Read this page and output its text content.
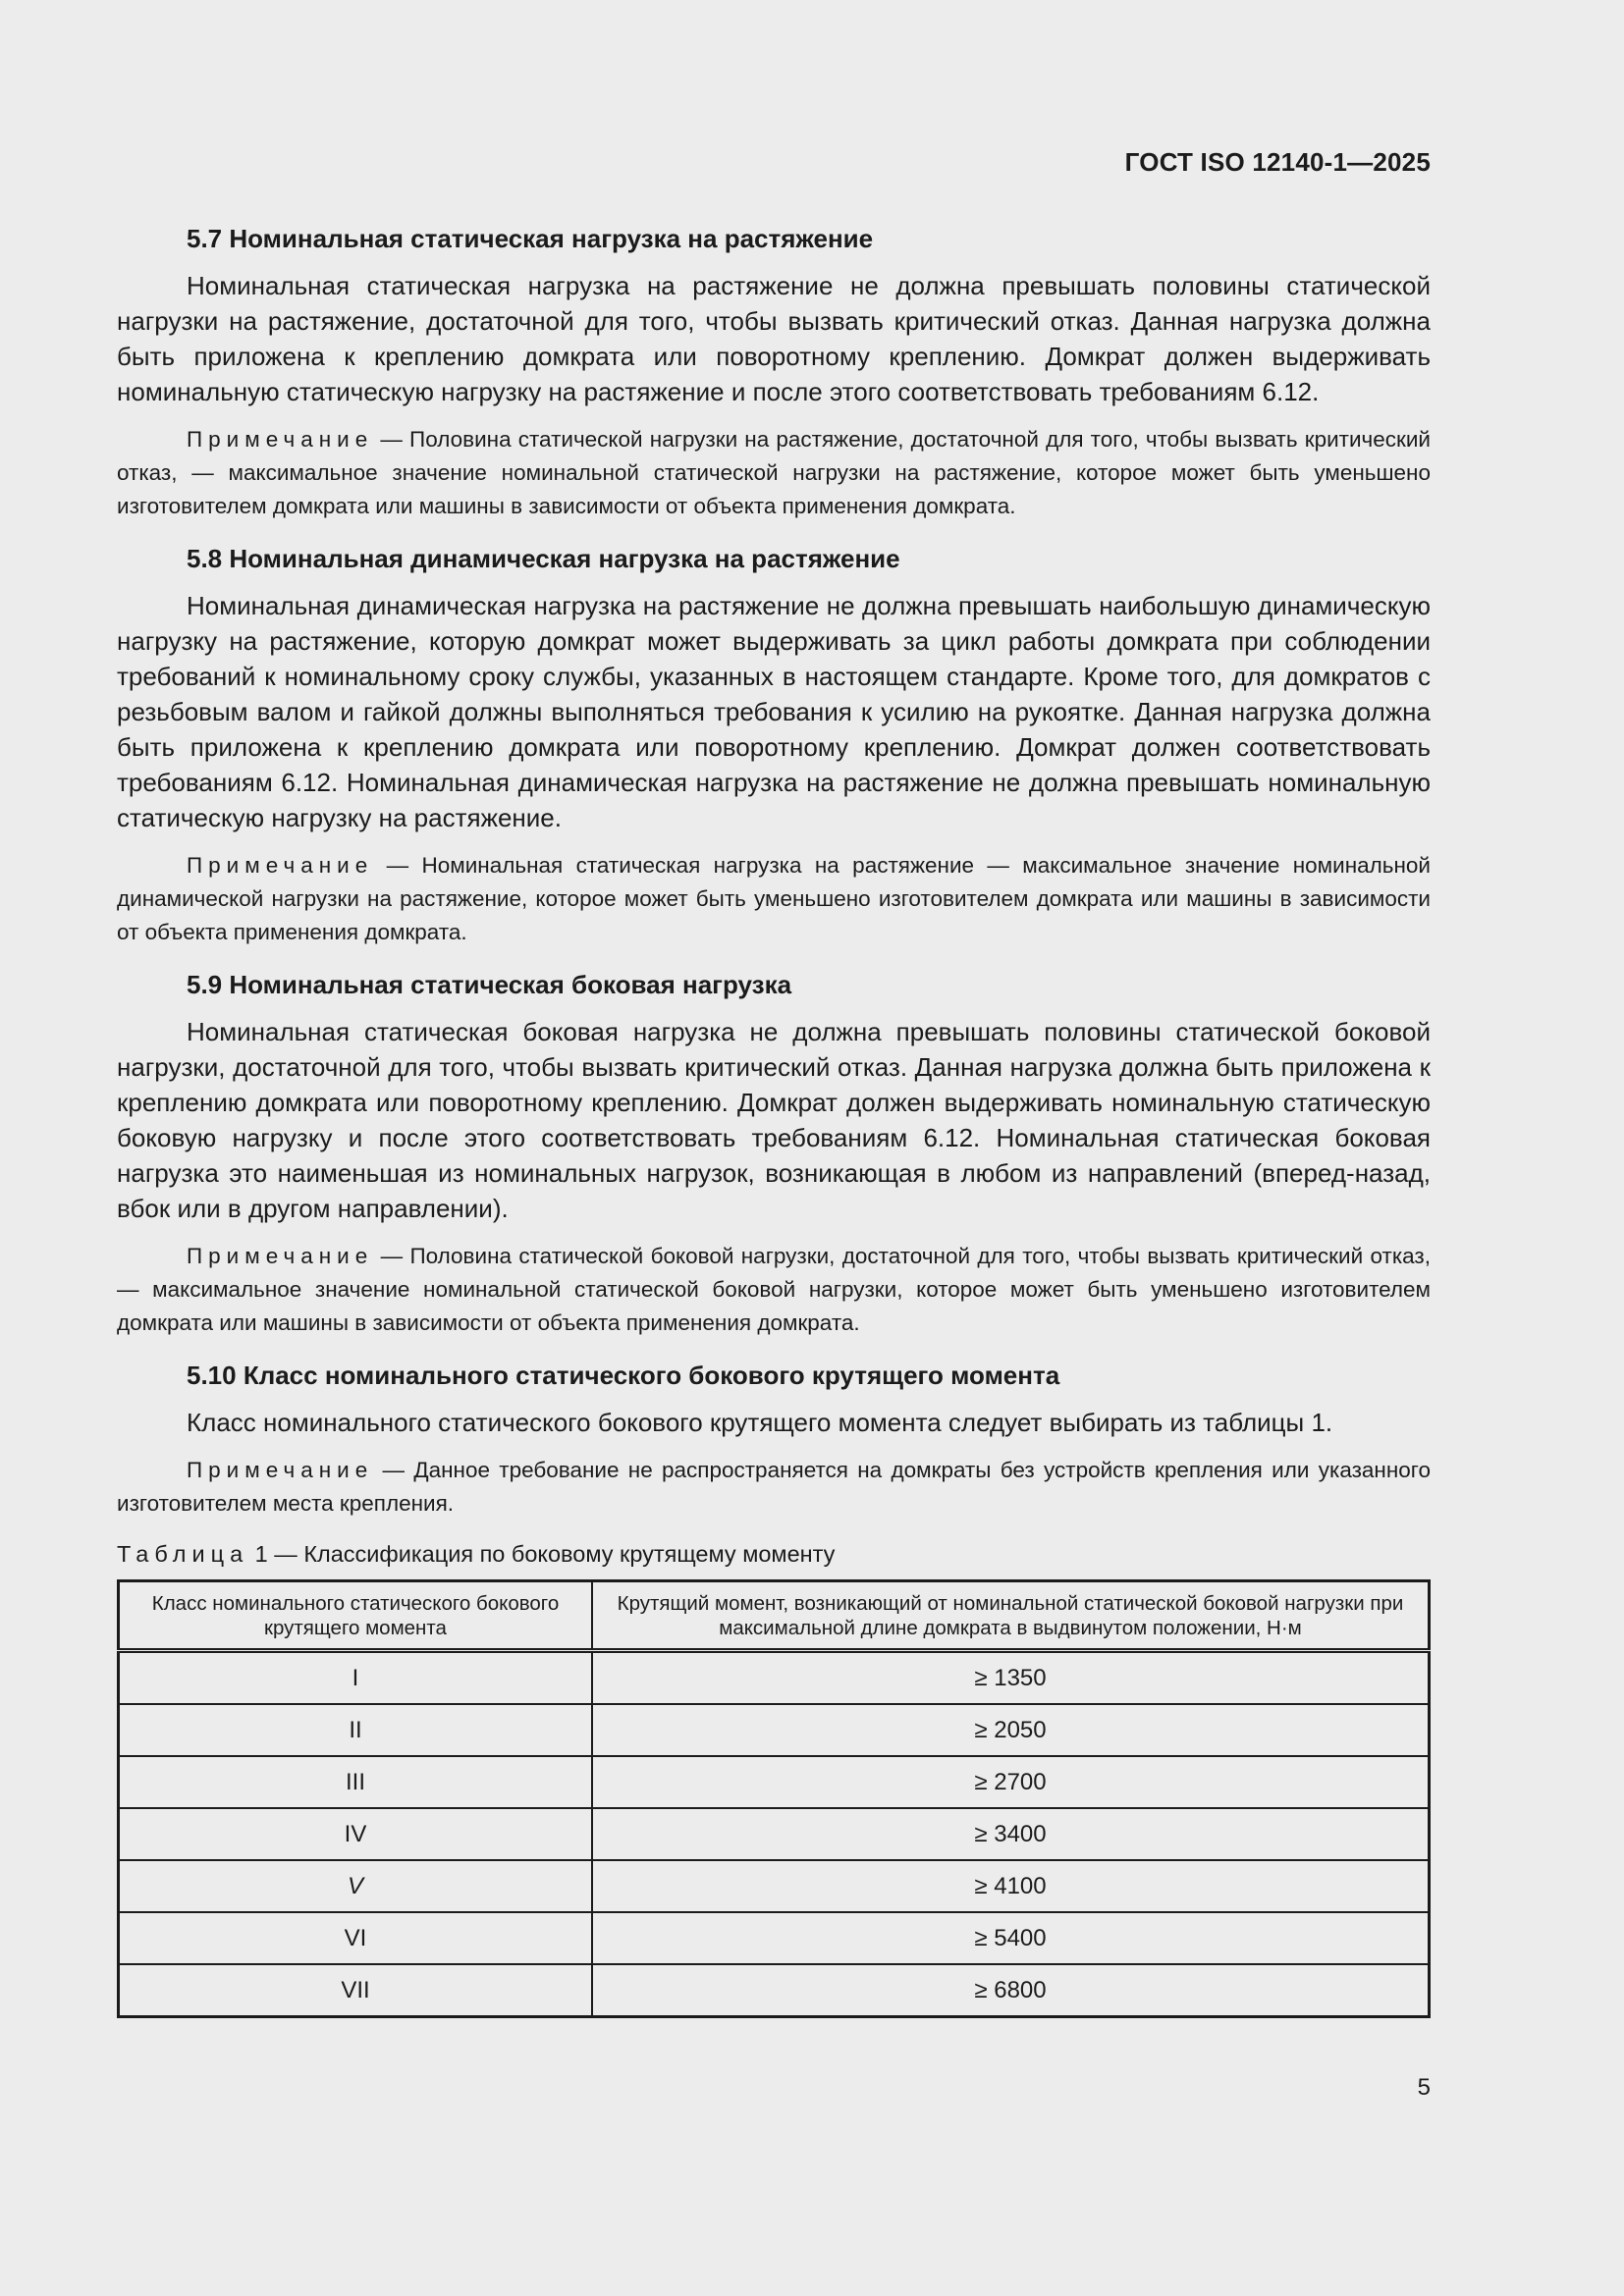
ГОСТ ISO 12140-1—2025
5.7 Номинальная статическая нагрузка на растяжение

Номинальная статическая нагрузка на растяжение не должна превышать половины статической нагрузки на растяжение, достаточной для того, чтобы вызвать критический отказ. Данная нагрузка должна быть приложена к креплению домкрата или поворотному креплению. Домкрат должен выдерживать номинальную статическую нагрузку на растяжение и после этого соответствовать требованиям 6.12.

Примечание — Половина статической нагрузки на растяжение, достаточной для того, чтобы вызвать критический отказ, — максимальное значение номинальной статической нагрузки на растяжение, которое может быть уменьшено изготовителем домкрата или машины в зависимости от объекта применения домкрата.

5.8 Номинальная динамическая нагрузка на растяжение

Номинальная динамическая нагрузка на растяжение не должна превышать наибольшую динамическую нагрузку на растяжение, которую домкрат может выдерживать за цикл работы домкрата при соблюдении требований к номинальному сроку службы, указанных в настоящем стандарте. Кроме того, для домкратов с резьбовым валом и гайкой должны выполняться требования к усилию на рукоятке. Данная нагрузка должна быть приложена к креплению домкрата или поворотному креплению. Домкрат должен соответствовать требованиям 6.12. Номинальная динамическая нагрузка на растяжение не должна превышать номинальную статическую нагрузку на растяжение.

Примечание — Номинальная статическая нагрузка на растяжение — максимальное значение номинальной динамической нагрузки на растяжение, которое может быть уменьшено изготовителем домкрата или машины в зависимости от объекта применения домкрата.

5.9 Номинальная статическая боковая нагрузка

Номинальная статическая боковая нагрузка не должна превышать половины статической боковой нагрузки, достаточной для того, чтобы вызвать критический отказ. Данная нагрузка должна быть приложена к креплению домкрата или поворотному креплению. Домкрат должен выдерживать номинальную статическую боковую нагрузку и после этого соответствовать требованиям 6.12. Номинальная статическая боковая нагрузка это наименьшая из номинальных нагрузок, возникающая в любом из направлений (вперед-назад, вбок или в другом направлении).

Примечание — Половина статической боковой нагрузки, достаточной для того, чтобы вызвать критический отказ, — максимальное значение номинальной статической боковой нагрузки, которое может быть уменьшено изготовителем домкрата или машины в зависимости от объекта применения домкрата.

5.10 Класс номинального статического бокового крутящего момента

Класс номинального статического бокового крутящего момента следует выбирать из таблицы 1.

Примечание — Данное требование не распространяется на домкраты без устройств крепления или указанного изготовителем места крепления.

Таблица 1 — Классификация по боковому крутящему моменту
Класс номинального статического бокового крутящего момента	Крутящий момент, возникающий от номинальной статической боковой нагрузки при максимальной длине домкрата в выдвинутом положении, Н·м
I	≥ 1350
II	≥ 2050
III	≥ 2700
IV	≥ 3400
V	≥ 4100
VI	≥ 5400
VII	≥ 6800
5
